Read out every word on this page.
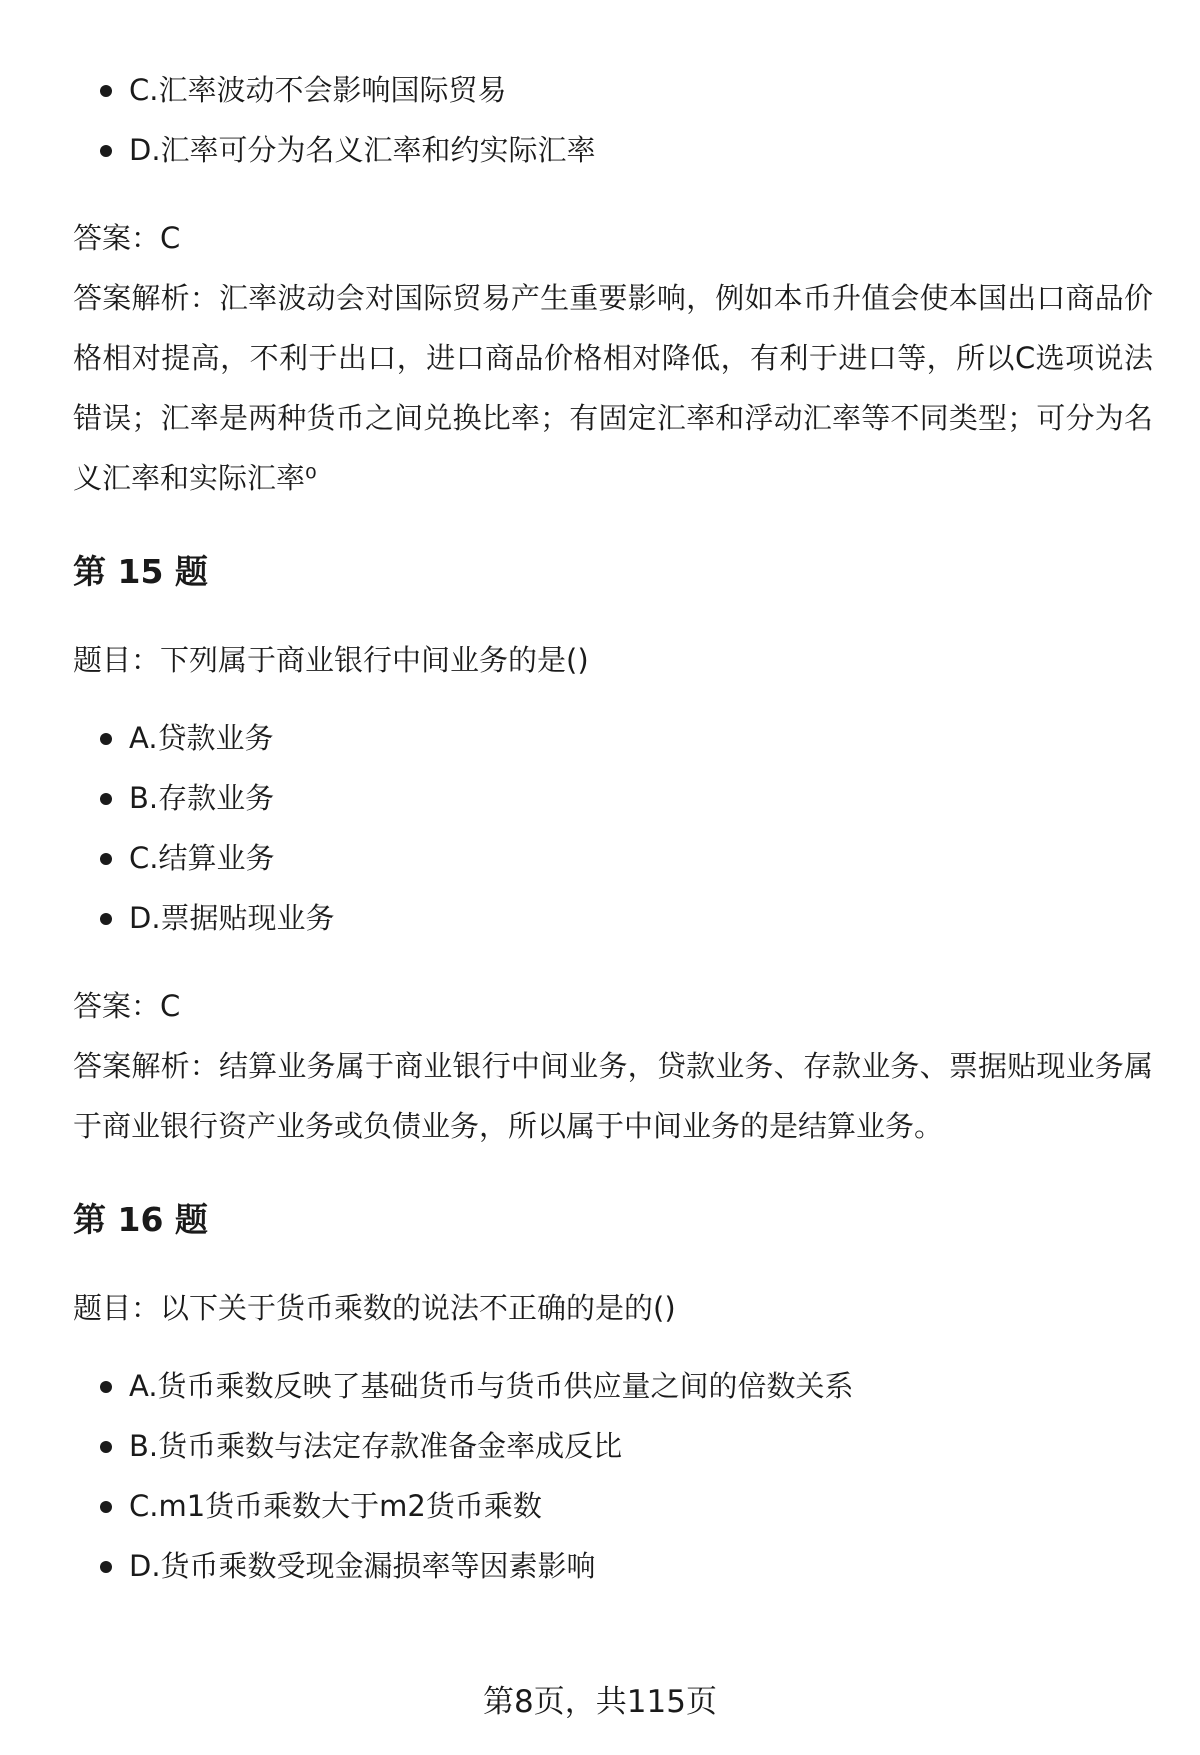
C.汇率波动不会影响国际贸易
D.汇率可分为名义汇率和约实际汇率
答案：C
答案解析：汇率波动会对国际贸易产生重要影响，例如本币升值会使本国出口商品价格相对提高，不利于出口，进口商品价格相对降低，有利于进口等，所以C选项说法错误；汇率是两种货币之间兑换比率；有固定汇率和浮动汇率等不同类型；可分为名义汇率和实际汇率⁰
第 15 题
题目：下列属于商业银行中间业务的是()
A.贷款业务
B.存款业务
C.结算业务
D.票据贴现业务
答案：C
答案解析：结算业务属于商业银行中间业务，贷款业务、存款业务、票据贴现业务属于商业银行资产业务或负债业务，所以属于中间业务的是结算业务。
第 16 题
题目：以下关于货币乘数的说法不正确的是的()
A.货币乘数反映了基础货币与货币供应量之间的倍数关系
B.货币乘数与法定存款准备金率成反比
C.m1货币乘数大于m2货币乘数
D.货币乘数受现金漏损率等因素影响
第8页，共115页
